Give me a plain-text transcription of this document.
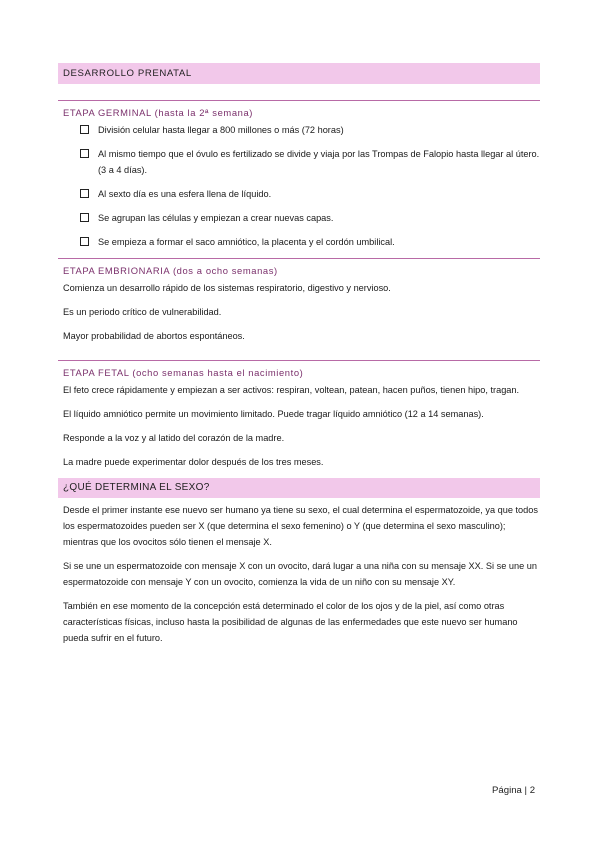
DESARROLLO PRENATAL
ETAPA GERMINAL (hasta la 2ª semana)
División celular hasta llegar a 800 millones o más (72 horas)
Al mismo tiempo que el óvulo es fertilizado se divide y viaja por las Trompas de Falopio hasta llegar al útero. (3 a 4 días).
Al sexto día es una esfera llena de líquido.
Se agrupan las células y empiezan a crear nuevas capas.
Se empieza a formar el saco amniótico, la placenta y el cordón umbilical.
ETAPA EMBRIONARIA (dos a ocho semanas)

Comienza un desarrollo rápido de los sistemas respiratorio, digestivo y nervioso.

Es un periodo crítico de vulnerabilidad.

Mayor probabilidad de abortos espontáneos.

ETAPA FETAL (ocho semanas hasta el nacimiento)

El feto crece rápidamente y empiezan a ser activos: respiran, voltean, patean, hacen puños, tienen hipo, tragan.

El líquido amniótico permite un movimiento limitado. Puede tragar líquido amniótico (12 a 14 semanas).

Responde a la voz y al latido del corazón de la madre.

La madre puede experimentar dolor después de los tres meses.

¿QUÉ DETERMINA EL SEXO?

Desde el primer instante ese nuevo ser humano ya tiene su sexo, el cual determina el espermatozoide, ya que todos los espermatozoides pueden ser X (que determina el sexo femenino) o Y (que determina el sexo masculino); mientras que los ovocitos sólo tienen el mensaje X.

Si se une un espermatozoide con mensaje X con un ovocito, dará lugar a una niña con su mensaje XX. Si se une un espermatozoide con mensaje Y con un ovocito, comienza la vida de un niño con su mensaje XY.

También en ese momento de la concepción está determinado el color de los ojos y de la piel, así como otras características físicas, incluso hasta la posibilidad de algunas de las enfermedades que este nuevo ser humano pueda sufrir en el futuro.

Página | 2
